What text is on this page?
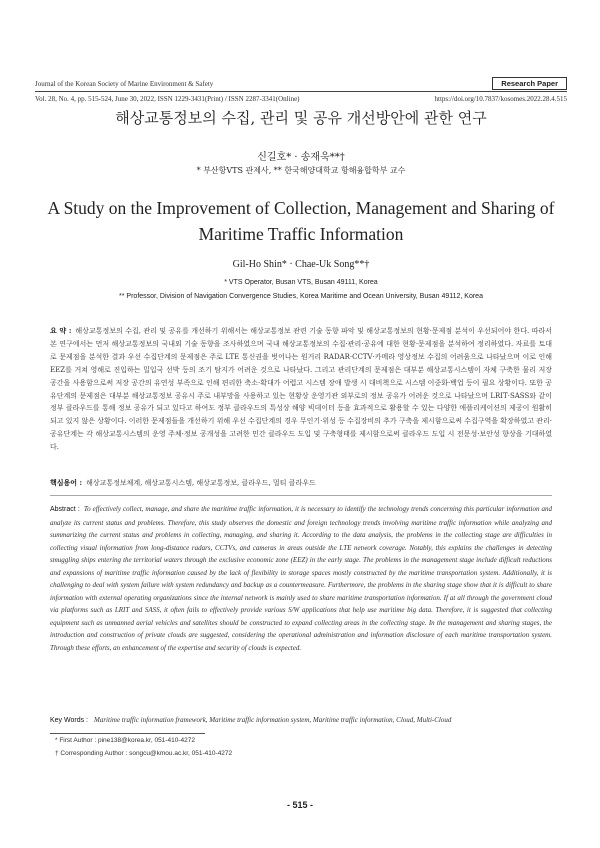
Journal of the Korean Society of Marine Environment & Safety	Research Paper
Vol. 28, No. 4, pp. 515-524, June 30, 2022, ISSN 1229-3431(Print) / ISSN 2287-3341(Online)	https://doi.org/10.7837/kosomes.2022.28.4.515
해상교통정보의 수집, 관리 및 공유 개선방안에 관한 연구
신길호* · 송재욱**†
* 부산항VTS 관제사, ** 한국해양대학교 항해융합학부 교수
A Study on the Improvement of Collection, Management and Sharing of Maritime Traffic Information
Gil-Ho Shin* · Chae-Uk Song**†
* VTS Operator, Busan VTS, Busan 49111, Korea
** Professor, Division of Navigation Convergence Studies, Korea Maritime and Ocean University, Busan 49112, Korea
요 약 : 해상교통정보의 수집, 관리 및 공유를 개선하기 위해서는 해상교통정보 관련 기술 동향 파악 및 해상교통정보의 현황·문제점 분석이 우선되어야 한다. 따라서 본 연구에서는 먼저 해상교통정보의 국내외 기술 동향을 조사하였으며 국내 해상교통정보의 수집·관리·공유에 대한 현황·문제점을 분석하여 정리하였다. 자료를 토대로 문제점을 분석한 결과 우선 수집단계의 문제점은 주로 LTE 통신권을 벗어나는 원거리 RADAR·CCTV·카메라 영상정보 수집의 어려움으로 나타났으며 이로 인해 EEZ를 거쳐 영해로 진입하는 밀입국 선박 등의 조기 탐지가 어려운 것으로 나타났다. 그리고 관리단계의 문제점은 대부분 해상교통시스템이 자체 구축한 물리 저장 공간을 사용함으로써 저장 공간의 유연성 부족으로 인해 편리한 축소·확대가 어렵고 시스템 장애 발생 시 대비책으로 시스템 이중화·백업 등이 필요 상황이다. 또한 공유단계의 문제점은 대부분 해상교통정보 공유시 주로 내부망을 사용하고 있는 현황상 운영기관 외부로의 정보 공유가 어려운 것으로 나타났으며 LRIT·SASS와 같이 정부 클라우드를 통해 정보 공유가 되고 있다고 하여도 정부 클라우드의 특성상 해양 빅데이터 등을 효과적으로 활용할 수 있는 다양한 애플리케이션의 제공이 원활히 되고 있지 않은 상황이다. 이러한 문제점들을 개선하기 위해 우선 수집단계의 경우 무인기·위성 등 수집장비의 추가 구축을 제시함으로써 수집구역을 확장하였고 관리·공유단계는 각 해상교통시스템의 운영 주체·정보 공개성을 고려한 민간 클라우드 도입 및 구축형태를 제시함으로써 클라우드 도입 시 전문성·보안성 향상을 기대하였다.
핵심용어 : 해상교통정보체계, 해상교통시스템, 해상교통정보, 클라우드, 멀티 클라우드
Abstract : To effectively collect, manage, and share the maritime traffic information, it is necessary to identify the technology trends concerning this particular information and analyze its current status and problems. Therefore, this study observes the domestic and foreign technology trends involving maritime traffic information while analyzing and summarizing the current status and problems in collecting, managing, and sharing it. According to the data analysis, the problems in the collecting stage are difficulties in collecting visual information from long-distance radars, CCTVs, and cameras in areas outside the LTE network coverage. Notably, this explains the challenges in detecting smuggling ships entering the territorial waters through the exclusive economic zone (EEZ) in the early stage. The problems in the management stage include difficult reductions and expansions of maritime traffic information caused by the lack of flexibility in storage spaces mostly constructed by the maritime transportation system. Additionally, it is challenging to deal with system failure with system redundancy and backup as a countermeasure. Furthermore, the problems in the sharing stage show that it is difficult to share information with external operating organizations since the internal network is mainly used to share maritime transportation information. If at all through the government cloud via platforms such as LRIT and SASS, it often fails to effectively provide various S/W applications that help use maritime big data. Therefore, it is suggested that collecting equipment such as unmanned aerial vehicles and satellites should be constructed to expand collecting areas in the collecting stage. In the management and sharing stages, the introduction and construction of private clouds are suggested, considering the operational administration and information disclosure of each maritime transportation system. Through these efforts, an enhancement of the expertise and security of clouds is expected.
Key Words : Maritime traffic information framework, Maritime traffic information system, Maritime traffic information, Cloud, Multi-Cloud
* First Author : pine138@korea.kr, 051-410-4272
† Corresponding Author : songcu@kmou.ac.kr, 051-410-4272
- 515 -
